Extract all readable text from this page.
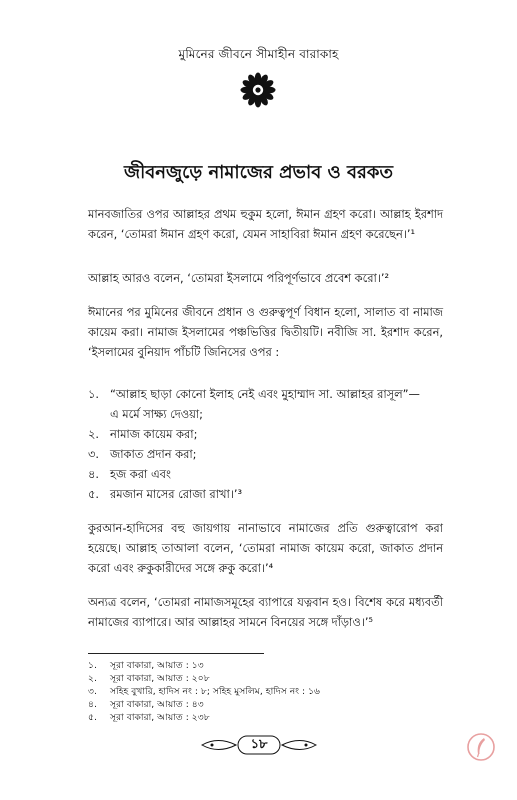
মুমিনের জীবনে সীমাহীন বারাকাহ
জীবনজুড়ে নামাজের প্রভাব ও বরকত
মানবজাতির ওপর আল্লাহর প্রথম হুকুম হলো, ঈমান গ্রহণ করো। আল্লাহ ইরশাদ করেন, ‘তোমরা ঈমান গ্রহণ করো, যেমন সাহাবিরা ঈমান গ্রহণ করেছেন।’¹
আল্লাহ আরও বলেন, ‘তোমরা ইসলামে পরিপূর্ণভাবে প্রবেশ করো।’²
ঈমানের পর মুমিনের জীবনে প্রধান ও গুরুত্বপূর্ণ বিধান হলো, সালাত বা নামাজ কায়েম করা। নামাজ ইসলামের পঞ্চভিত্তির দ্বিতীয়টি। নবীজি সা. ইরশাদ করেন, ‘ইসলামের বুনিয়াদ পাঁচটি জিনিসের ওপর :
১. “আল্লাহ ছাড়া কোনো ইলাহ নেই এবং মুহাম্মাদ সা. আল্লাহর রাসূল”—
এ মর্মে সাক্ষ্য দেওয়া;
২. নামাজ কায়েম করা;
৩. জাকাত প্রদান করা;
৪. হজ করা এবং
৫. রমজান মাসের রোজা রাখা।’³
কুরআন-হাদিসের বহু জায়গায় নানাভাবে নামাজের প্রতি গুরুত্বারোপ করা হয়েছে। আল্লাহ তাআলা বলেন, ‘তোমরা নামাজ কায়েম করো, জাকাত প্রদান করো এবং রুকুকারীদের সঙ্গে রুকু করো।’⁴
অন্যত্র বলেন, ‘তোমরা নামাজসমূহের ব্যাপারে যত্নবান হও। বিশেষ করে মধ্যবর্তী নামাজের ব্যাপারে। আর আল্লাহর সামনে বিনয়ের সঙ্গে দাঁড়াও।’⁵
১.	সূরা বাকারা, আয়াত : ১৩
২.	সূরা বাকারা, আয়াত : ২০৮
৩.	সহিহ বুখারি, হাদিস নং : ৮; সহিহ মুসলিম, হাদিস নং : ১৬
৪.	সূরা বাকারা, আয়াত : ৪৩
৫.	সূরা বাকারা, আয়াত : ২৩৮
১৮
